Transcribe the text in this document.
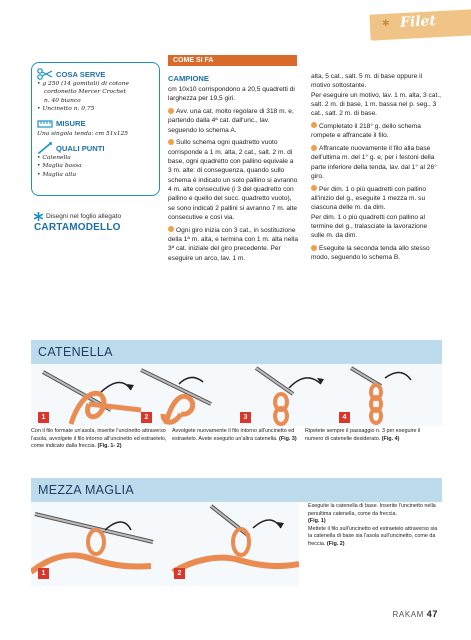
✱ Filet
COSA SERVE
• g 250 (14 gomitoli) di cotone
cordonetto Mercer Crochet
n. 40 bianco
• Uncinetto n. 0,75
MISURE
Una singola tenda: cm 51x125
QUALI PUNTI
• Catenella
• Maglia bassa
• Maglia alta
Disegni nel foglio allegato
CARTAMODELLO
COME SI FA
CAMPIONE

cm 10x10 corrispondono a 20,5 quadretti di larghezza per 19,5 giri.

Avv. una cat. molto regolare di 318 m. e, partendo dalla 4ª cat. dall'unc., lav. seguendo lo schema A.

Sullo schema ogni quadretto vuoto corrisponde a 1 m. alta, 2 cat., salt. 2 m. di base, ogni quadretto con pallino equivale a 3 m. alte: di conseguenza, quando sullo schema è indicato un solo pallino si avranno 4 m. alte consecutive (i 3 del quadretto con pallino e quello del succ. quadretto vuoto), se sono indicati 2 pallini si avranno 7 m. alte consecutive e così via.

Ogni giro inizia con 3 cat., in sostituzione della 1ª m. alta, e termina con 1 m. alta nella 3ª cat. iniziale del giro precedente. Per eseguire un arco, lav. 1 m.

alta, 5 cat., salt. 5 m. di base oppure il motivo sottostante.

Per eseguire un motivo, lav. 1 m. alta, 3 cat., salt. 2 m. di base, 1 m. bassa nel p. seg., 3 cat., salt. 2 m. di base.

Completato il 218° g. dello schema rompete e affrancate il filo.

Affrancate nuovamente il filo alla base dell'ultima m. del 1° g. e, per i festoni della parte inferiore della tenda, lav. dal 1° al 26° giro.

Per dim. 1 o più quadretti con pallino all'inizio del g., eseguite 1 mezza m. su ciascuna delle m. da dim.

Per dim. 1 o più quadretti con pallino al termine del g., tralasciate la lavorazione sulle m. da dim.

Eseguite la seconda tenda allo stesso modo, seguendo lo schema B.

CATENELLA
1	2	3	4
Con il filo formate un'asola, inserite l'uncinetto attraverso l'asola, avvolgete il filo intorno all'uncinetto ed estraetelo, come indicato dalla freccia. (Fig. 1- 2)
Avvolgete nuovamente il filo intorno all'uncinetto ed estraetelo. Avete eseguito un'altra catenella. (Fig. 3)
Ripetete sempre il passaggio n. 3 per eseguire il numero di catenelle desiderato. (Fig. 4)
MEZZA MAGLIA
1	2
Eseguite la catenella di base. Inserite l'uncinetto nella penultima catenella, come da freccia.
(Fig. 1)
Mettete il filo sull'uncinetto ed estraetelo attraverso sia la catenella di base sia l'asola sull'uncinetto, come da freccia. (Fig. 2)
RAKAM 47
